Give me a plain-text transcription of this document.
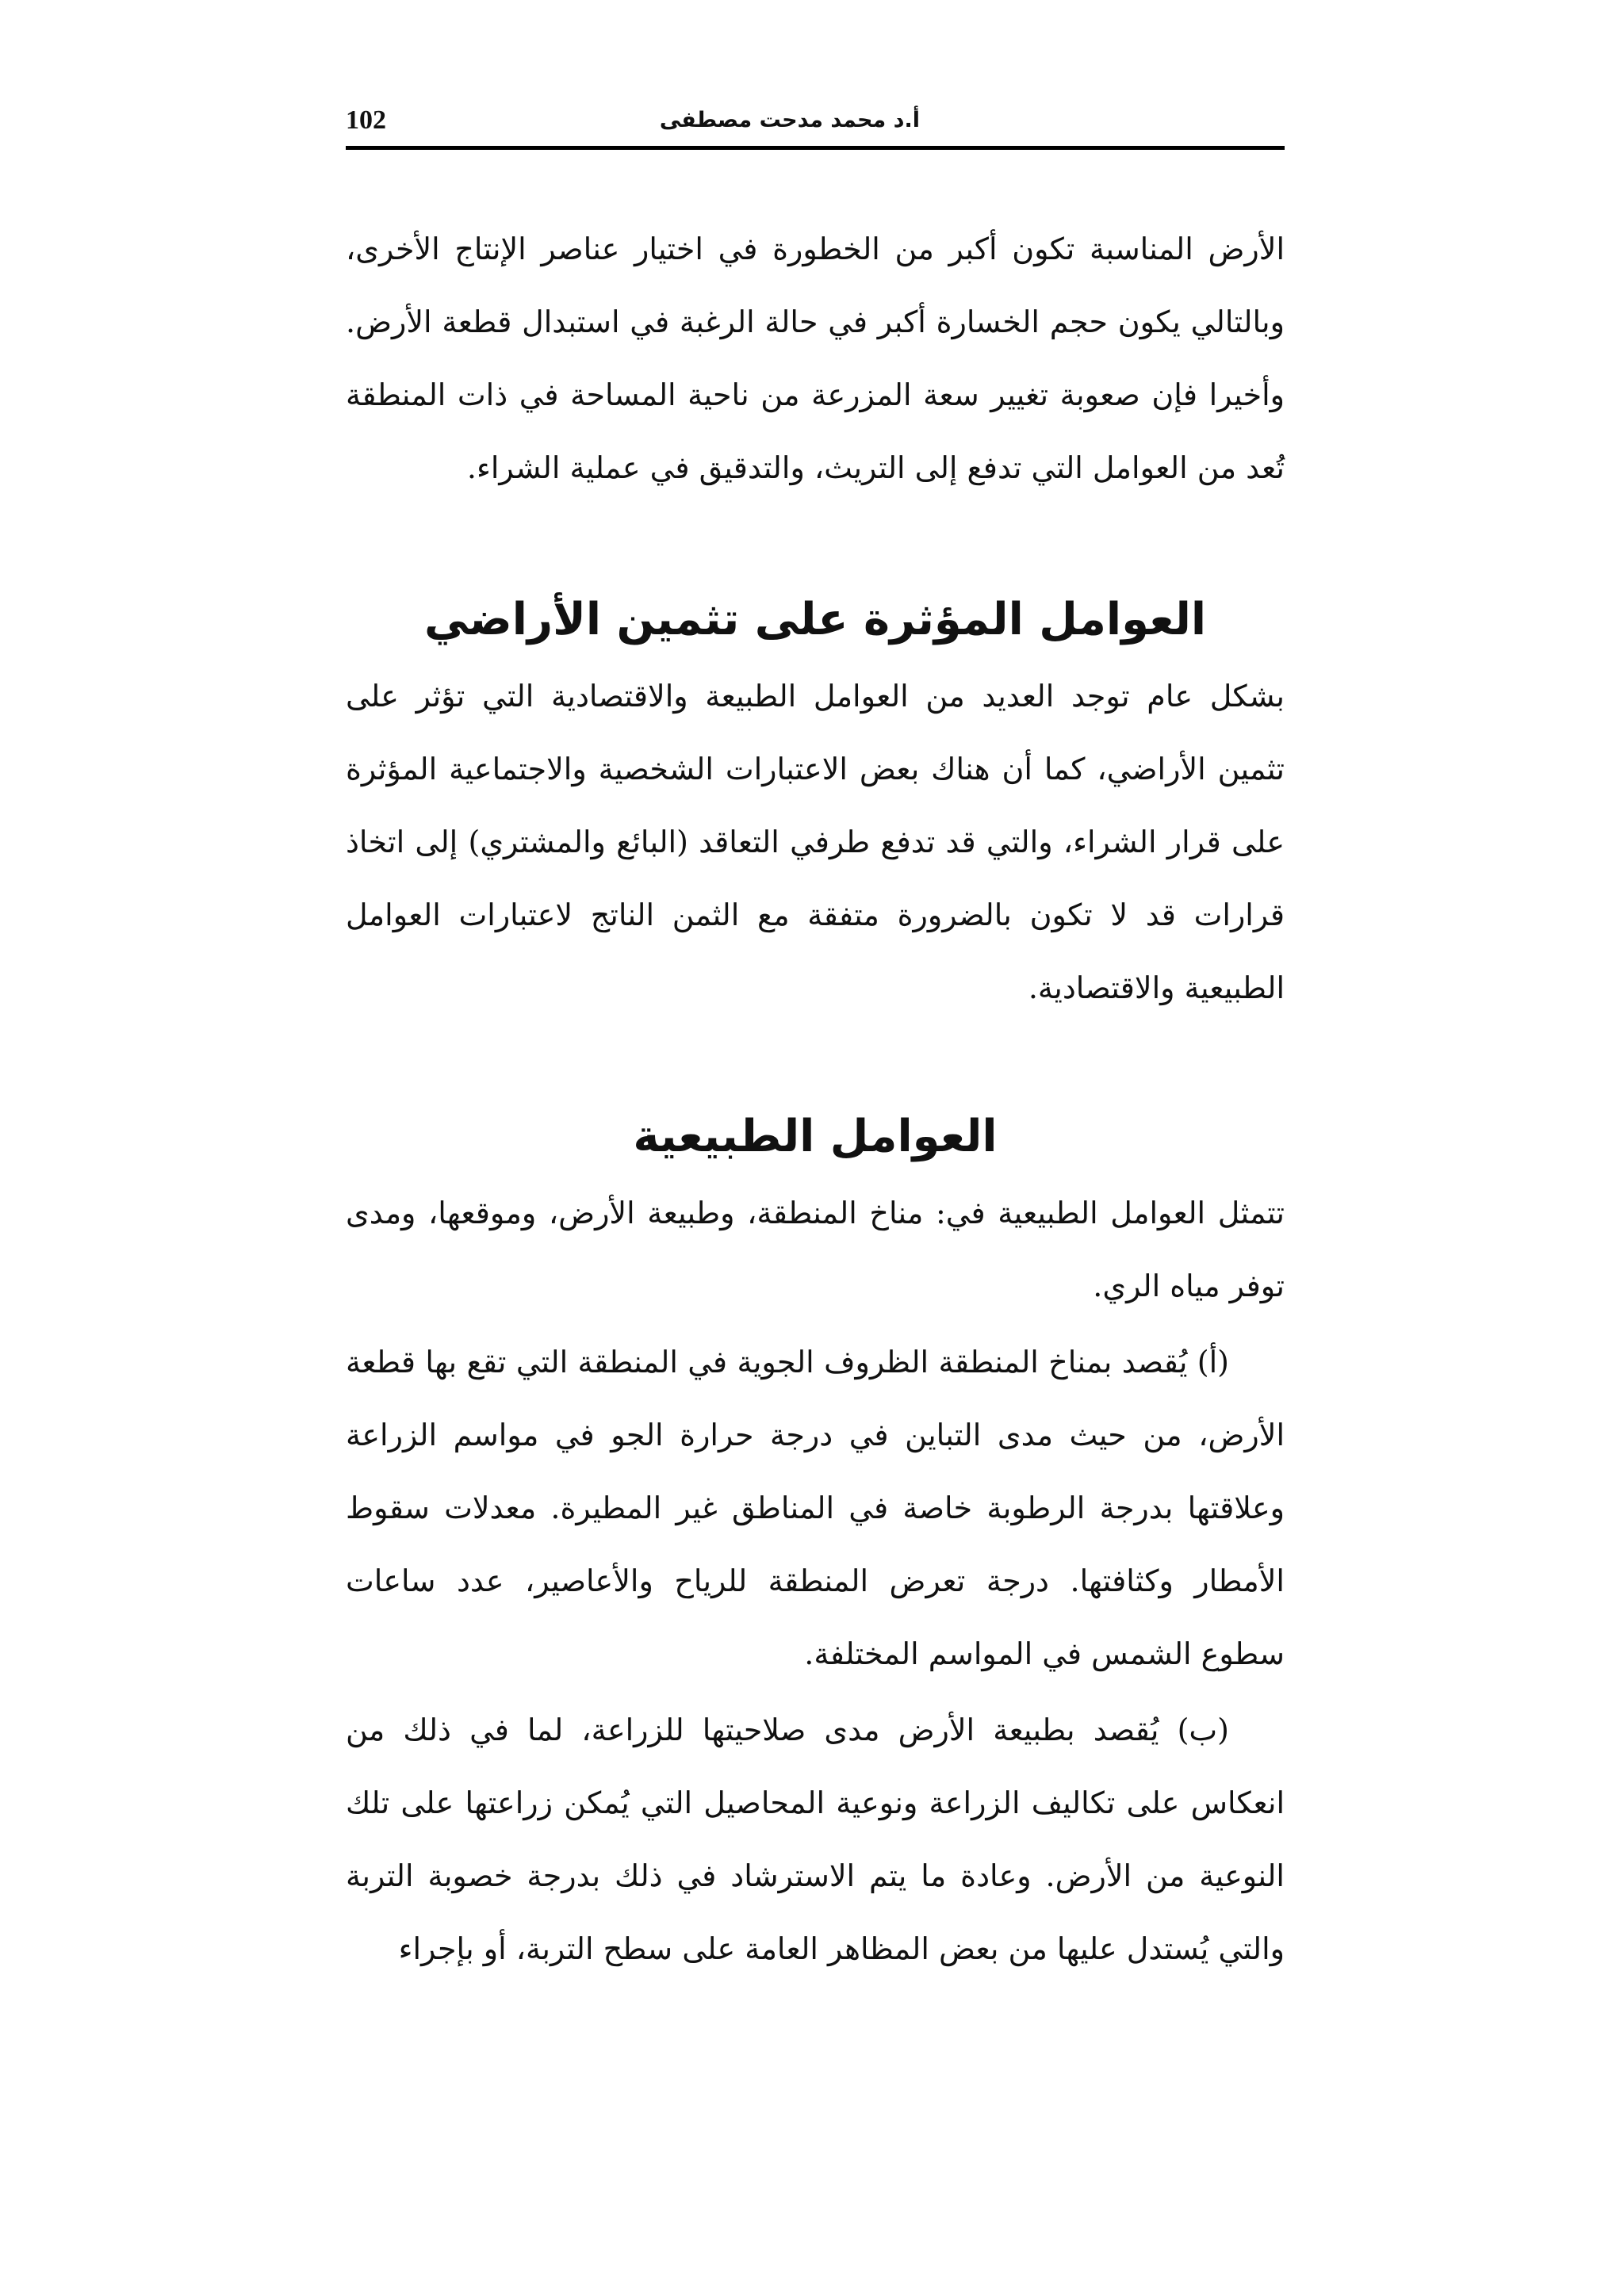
102	أ.د محمد مدحت مصطفى

الأرض المناسبة تكون أكبر من الخطورة في اختيار عناصر الإنتاج الأخرى، وبالتالي يكون حجم الخسارة أكبر في حالة الرغبة في استبدال قطعة الأرض. وأخيرا فإن صعوبة تغيير سعة المزرعة من ناحية المساحة في ذات المنطقة تُعد من العوامل التي تدفع إلى التريث، والتدقيق في عملية الشراء.

العوامل المؤثرة على تثمين الأراضي

بشكل عام توجد العديد من العوامل الطبيعة والاقتصادية التي تؤثر على تثمين الأراضي، كما أن هناك بعض الاعتبارات الشخصية والاجتماعية المؤثرة على قرار الشراء، والتي قد تدفع طرفي التعاقد (البائع والمشتري) إلى اتخاذ قرارات قد لا تكون بالضرورة متفقة مع الثمن الناتج لاعتبارات العوامل الطبيعية والاقتصادية.

العوامل الطبيعية

تتمثل العوامل الطبيعية في: مناخ المنطقة، وطبيعة الأرض، وموقعها، ومدى توفر مياه الري.

(أ) يُقصد بمناخ المنطقة الظروف الجوية في المنطقة التي تقع بها قطعة الأرض، من حيث مدى التباين في درجة حرارة الجو في مواسم الزراعة وعلاقتها بدرجة الرطوبة خاصة في المناطق غير المطيرة. معدلات سقوط الأمطار وكثافتها. درجة تعرض المنطقة للرياح والأعاصير، عدد ساعات سطوع الشمس في المواسم المختلفة.

(ب) يُقصد بطبيعة الأرض مدى صلاحيتها للزراعة، لما في ذلك من انعكاس على تكاليف الزراعة ونوعية المحاصيل التي يُمكن زراعتها على تلك النوعية من الأرض. وعادة ما يتم الاسترشاد في ذلك بدرجة خصوبة التربة والتي يُستدل عليها من بعض المظاهر العامة على سطح التربة، أو بإجراء
